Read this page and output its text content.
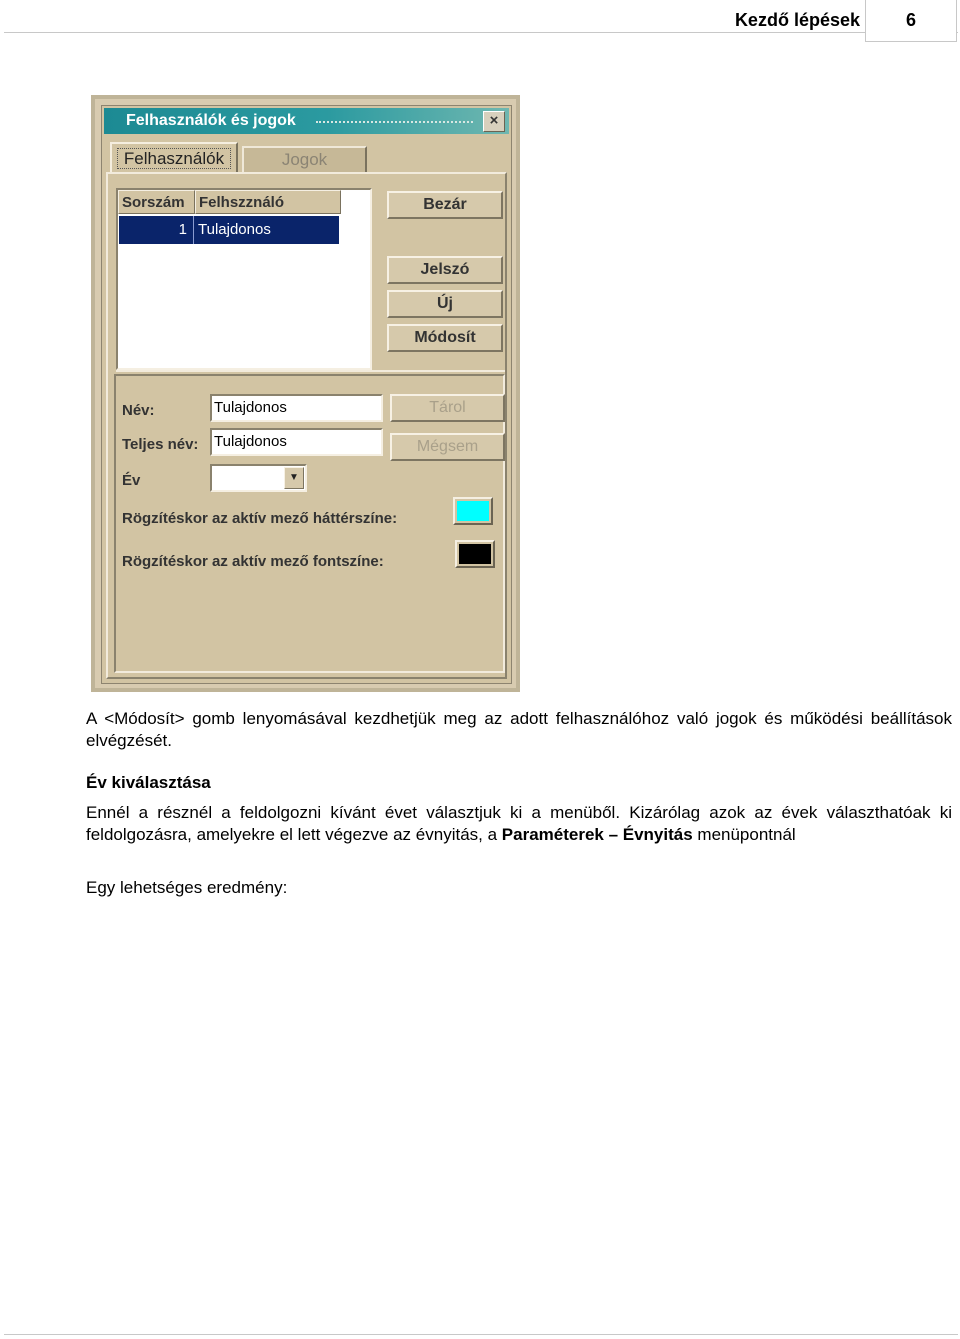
Kezdő lépések	6
Felhasználók és jogok	×
Felhasználók	Jogok
Sorszám Felhszználó
1 Tulajdonos
Bezár
Jelszó
Új
Módosít
Név:	Tulajdonos	Tárol
Teljes név: Tulajdonos	Mégsem
Év	▼
Rögzítéskor az aktív mező háttérszíne:
Rögzítéskor az aktív mező fontszíne:
A <Módosít> gomb lenyomásával kezdhetjük meg az adott felhasználóhoz való jogok és működési beállítások elvégzését.
Év kiválasztása
Ennél a résznél a feldolgozni kívánt évet választjuk ki a menüből. Kizárólag azok az évek választhatóak ki feldolgozásra, amelyekre el lett végezve az évnyitás, a Paraméterek – Évnyitás menüpontnál
Egy lehetséges eredmény:
